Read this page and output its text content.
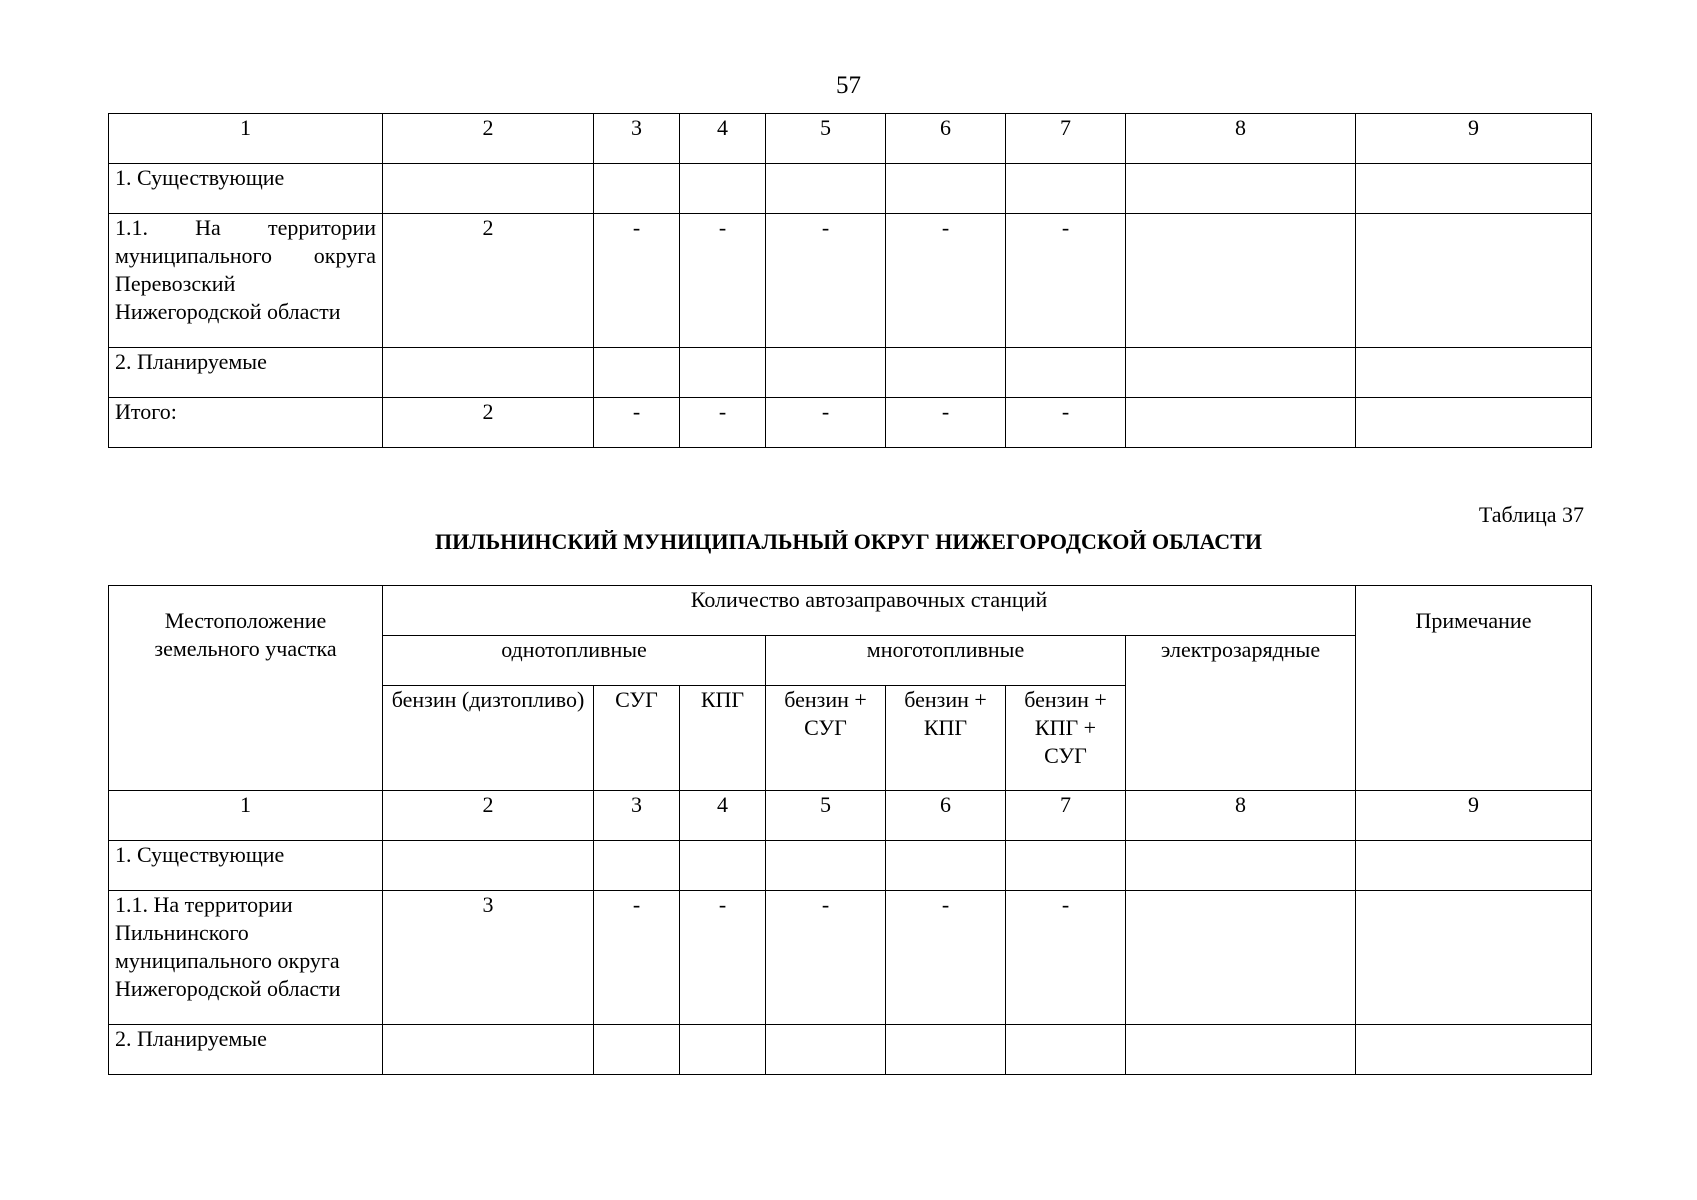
57
1	2	3	4	5	6	7	8	9
1. Существующие								
1.1. На территории муниципального округа Перевозский Нижегородской области	2	-	-	-	-	-		
2. Планируемые								
Итого:	2	-	-	-	-	-		
Таблица 37
ПИЛЬНИНСКИЙ МУНИЦИПАЛЬНЫЙ ОКРУГ НИЖЕГОРОДСКОЙ ОБЛАСТИ
Местоположение земельного участка	Количество автозаправочных станций							Примечание
	однотопливные			многотопливные			электрозарядные	
	бензин (дизтопливо)	СУГ	КПГ	бензин + СУГ	бензин + КПГ	бензин + КПГ + СУГ		
1	2	3	4	5	6	7	8	9
1. Существующие								
1.1. На территории Пильнинского муниципального округа Нижегородской области	3	-	-	-	-	-		
2. Планируемые								
